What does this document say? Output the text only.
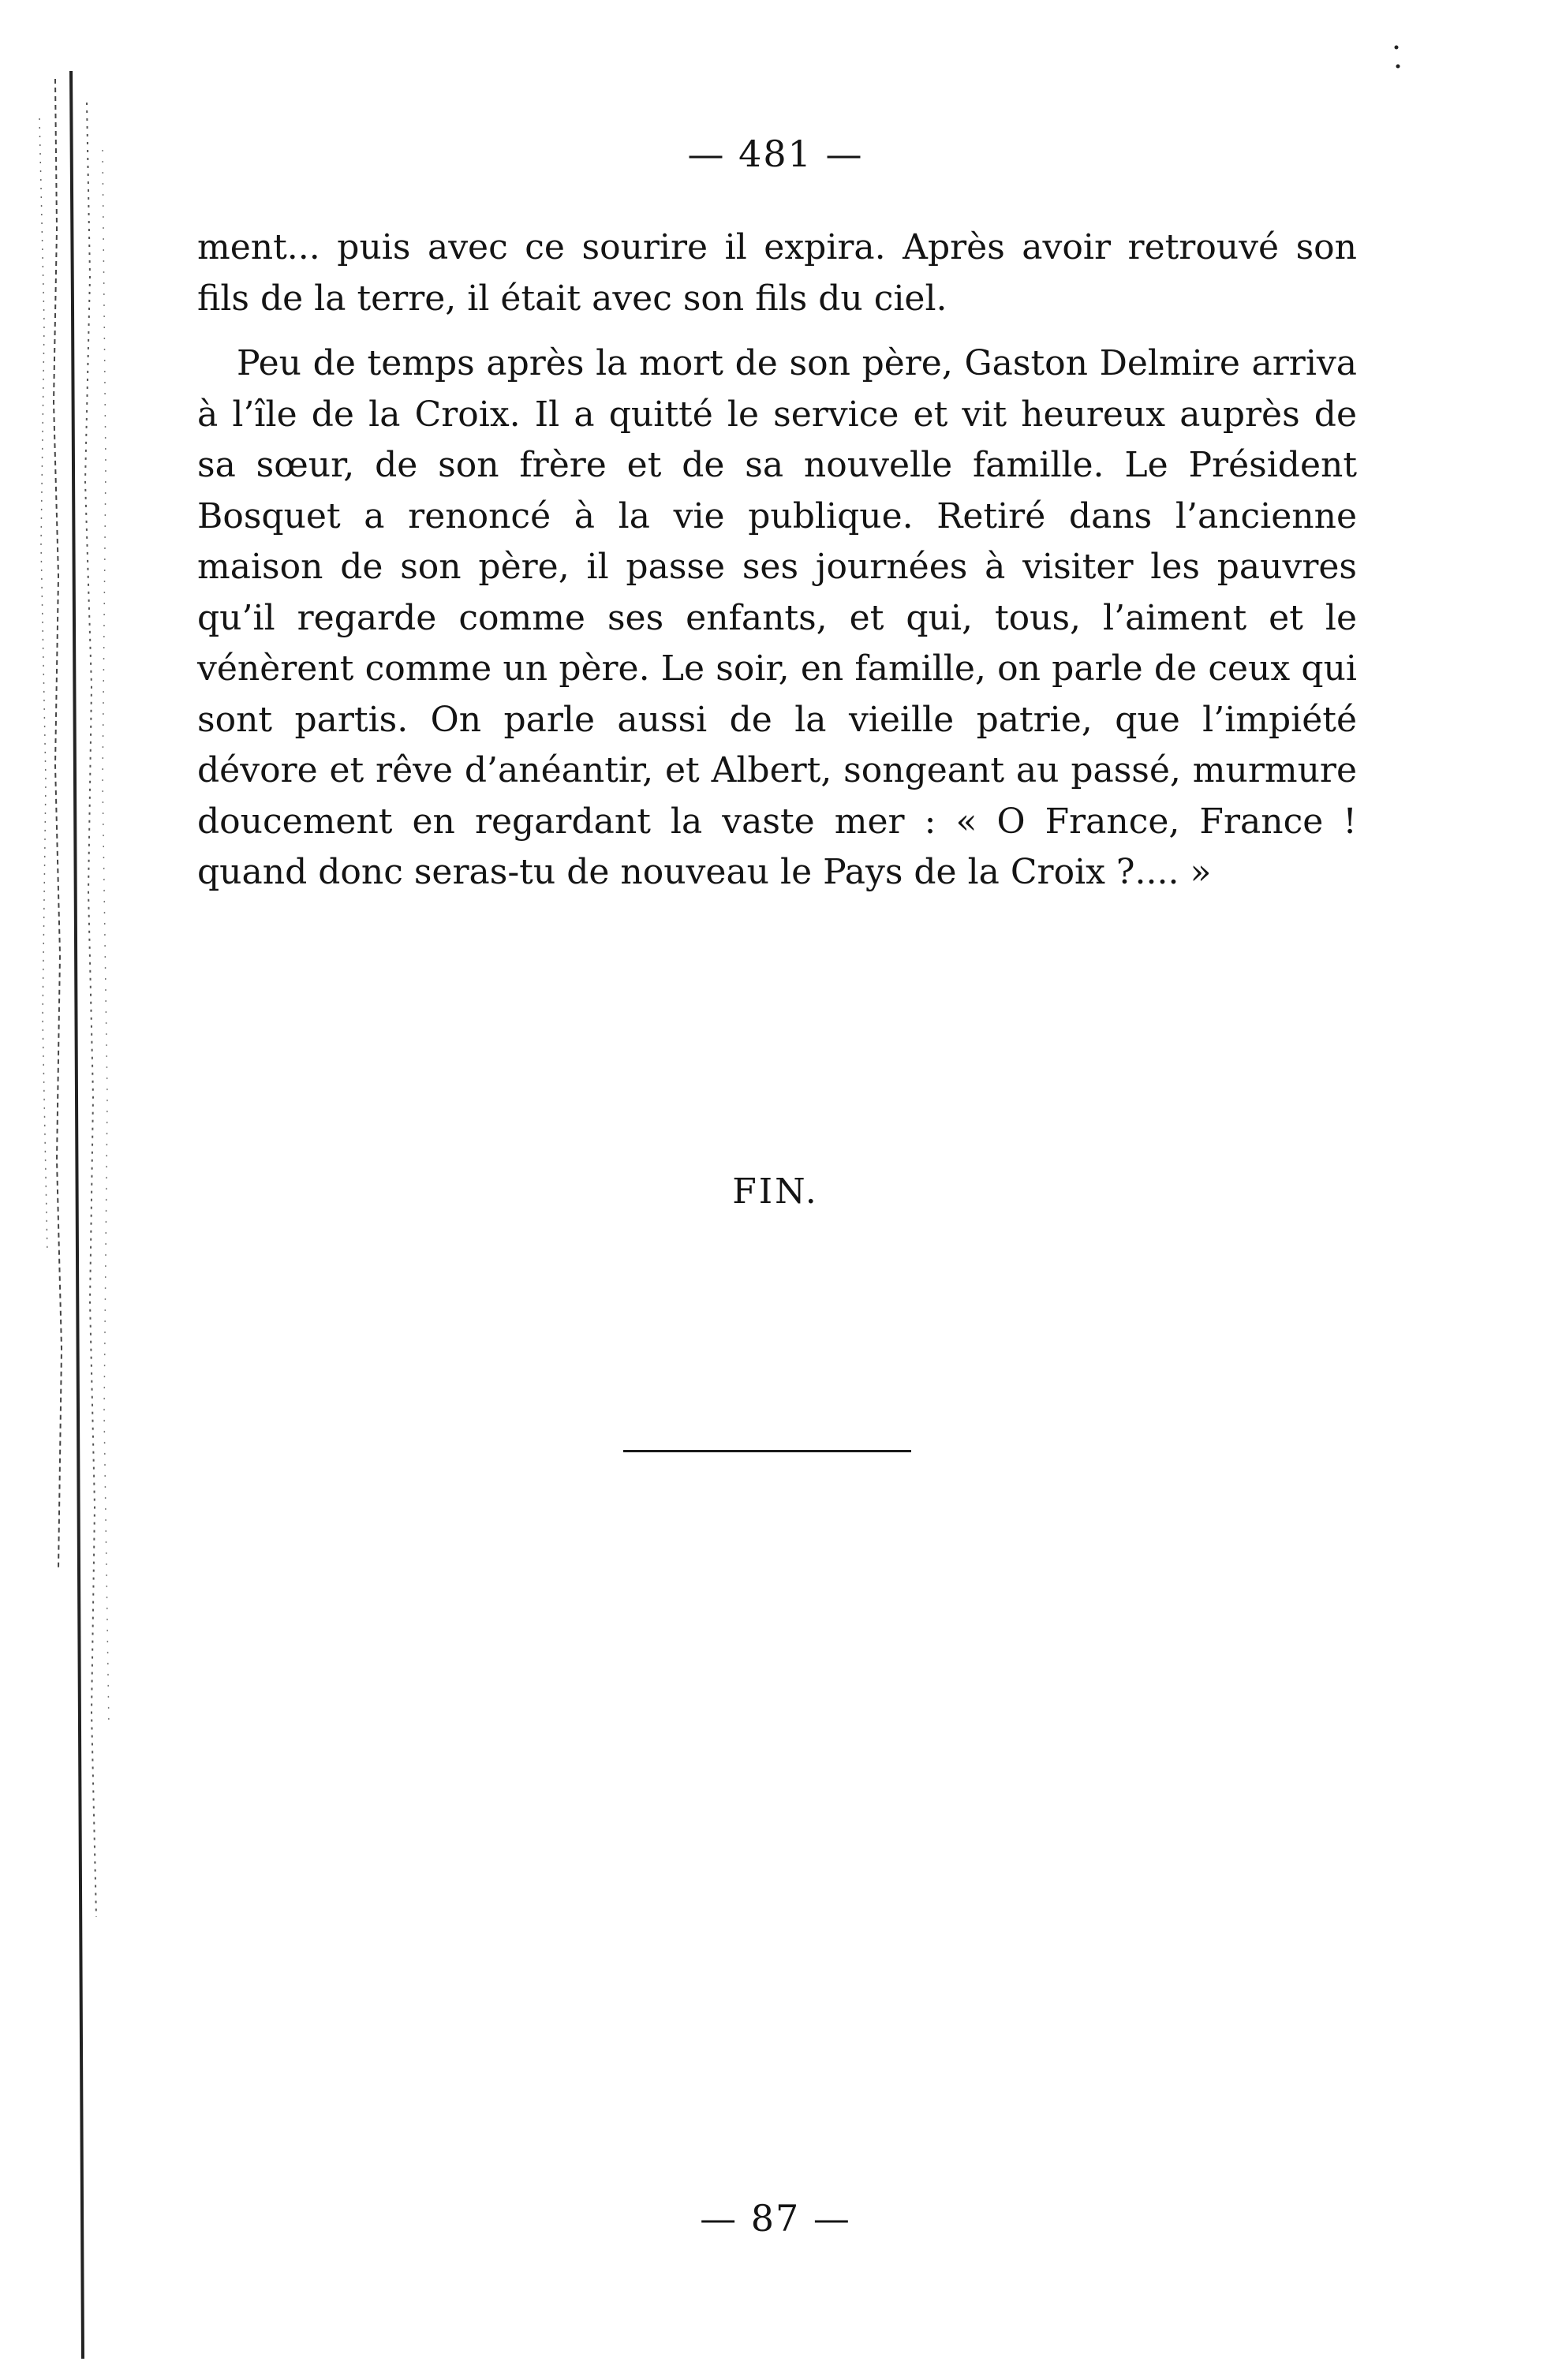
— 481 —

ment... puis avec ce sourire il expira. Après avoir retrouvé son fils de la terre, il était avec son fils du ciel.

Peu de temps après la mort de son père, Gaston Delmire arriva à l’île de la Croix. Il a quitté le service et vit heureux auprès de sa sœur, de son frère et de sa nouvelle famille. Le Président Bosquet a renoncé à la vie publique. Retiré dans l’ancienne maison de son père, il passe ses journées à visiter les pauvres qu’il regarde comme ses enfants, et qui, tous, l’aiment et le vénèrent comme un père. Le soir, en famille, on parle de ceux qui sont partis. On parle aussi de la vieille patrie, que l’impiété dévore et rêve d’anéantir, et Albert, songeant au passé, murmure doucement en regardant la vaste mer : « O France, France ! quand donc seras-tu de nouveau le Pays de la Croix ?.... »

FIN.
— 87 —
